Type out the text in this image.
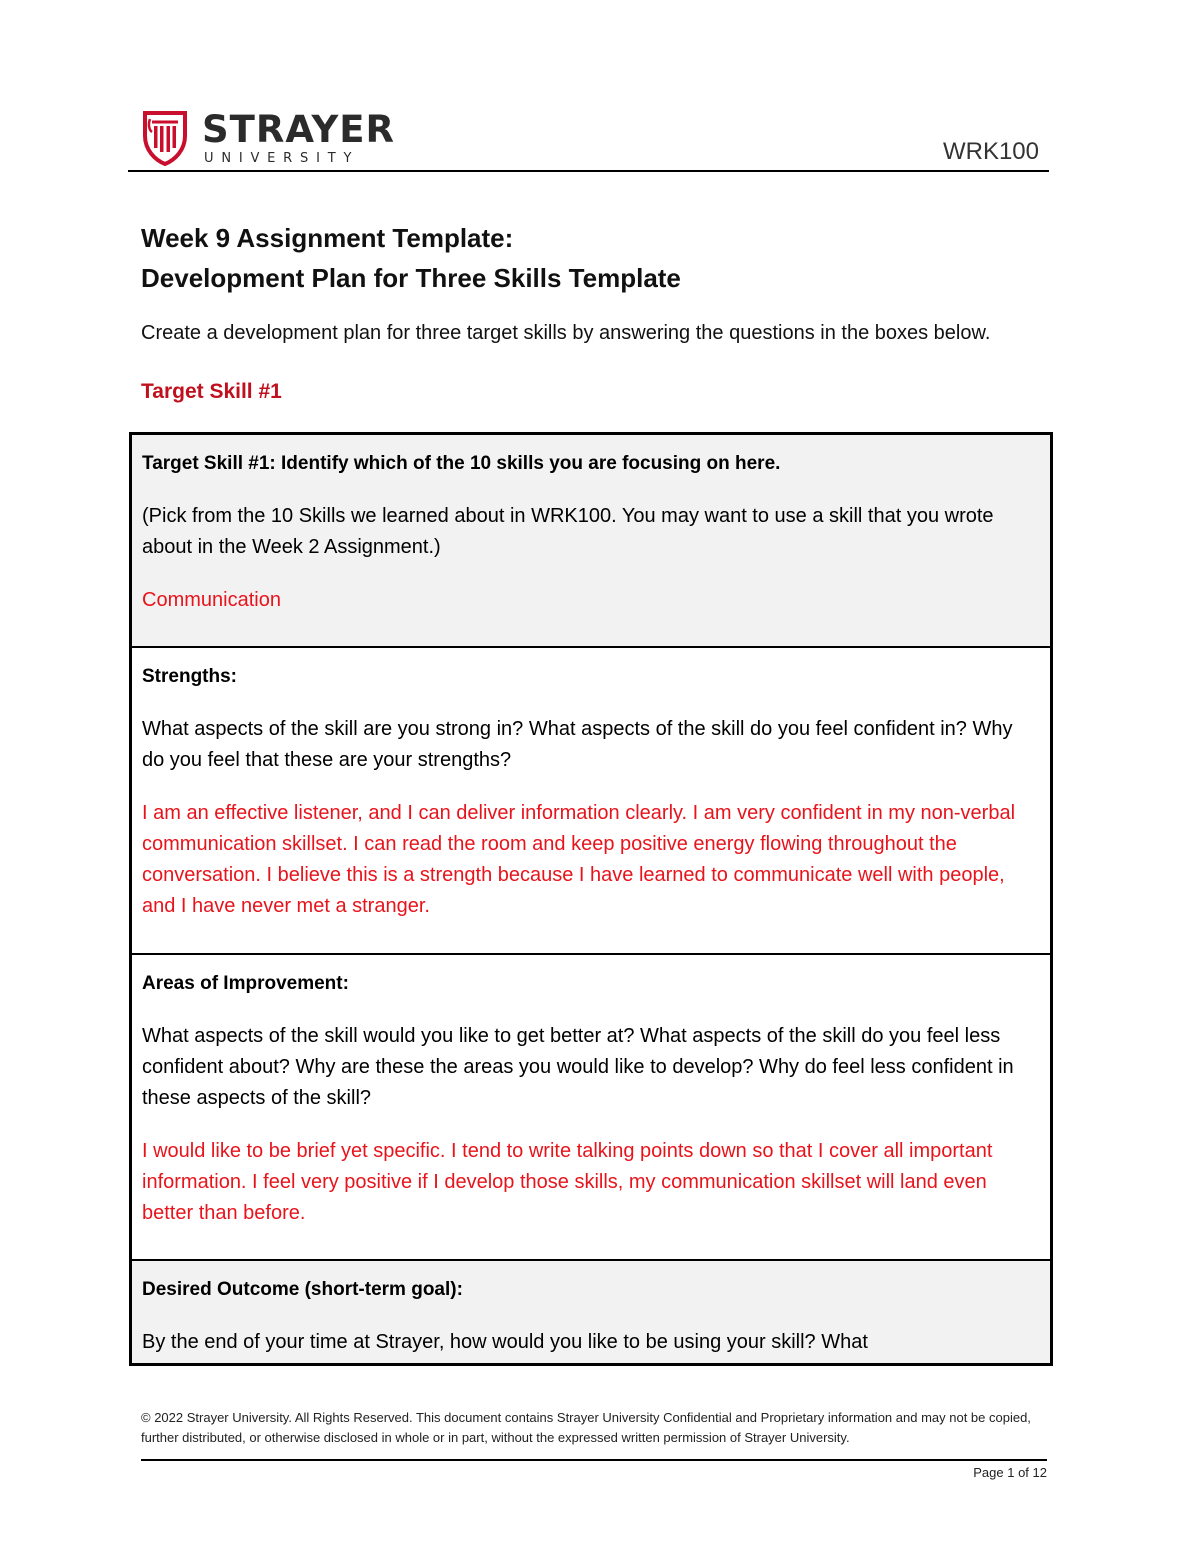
STRAYER
UNIVERSITY	WRK100
Week 9 Assignment Template:
Development Plan for Three Skills Template
Create a development plan for three target skills by answering the questions in the boxes below.
Target Skill #1

Target Skill #1: Identify which of the 10 skills you are focusing on here.

(Pick from the 10 Skills we learned about in WRK100. You may want to use a skill that you wrote about in the Week 2 Assignment.)

Communication

Strengths:

What aspects of the skill are you strong in? What aspects of the skill do you feel confident in? Why do you feel that these are your strengths?

I am an effective listener, and I can deliver information clearly. I am very confident in my non-verbal communication skillset. I can read the room and keep positive energy flowing throughout the conversation. I believe this is a strength because I have learned to communicate well with people, and I have never met a stranger.

Areas of Improvement:

What aspects of the skill would you like to get better at? What aspects of the skill do you feel less confident about? Why are these the areas you would like to develop? Why do feel less confident in these aspects of the skill?

I would like to be brief yet specific. I tend to write talking points down so that I cover all important information. I feel very positive if I develop those skills, my communication skillset will land even better than before.

Desired Outcome (short-term goal):

By the end of your time at Strayer, how would you like to be using your skill? What

© 2022 Strayer University. All Rights Reserved. This document contains Strayer University Confidential and Proprietary information and may not be copied, further distributed, or otherwise disclosed in whole or in part, without the expressed written permission of Strayer University.
Page 1 of 12
